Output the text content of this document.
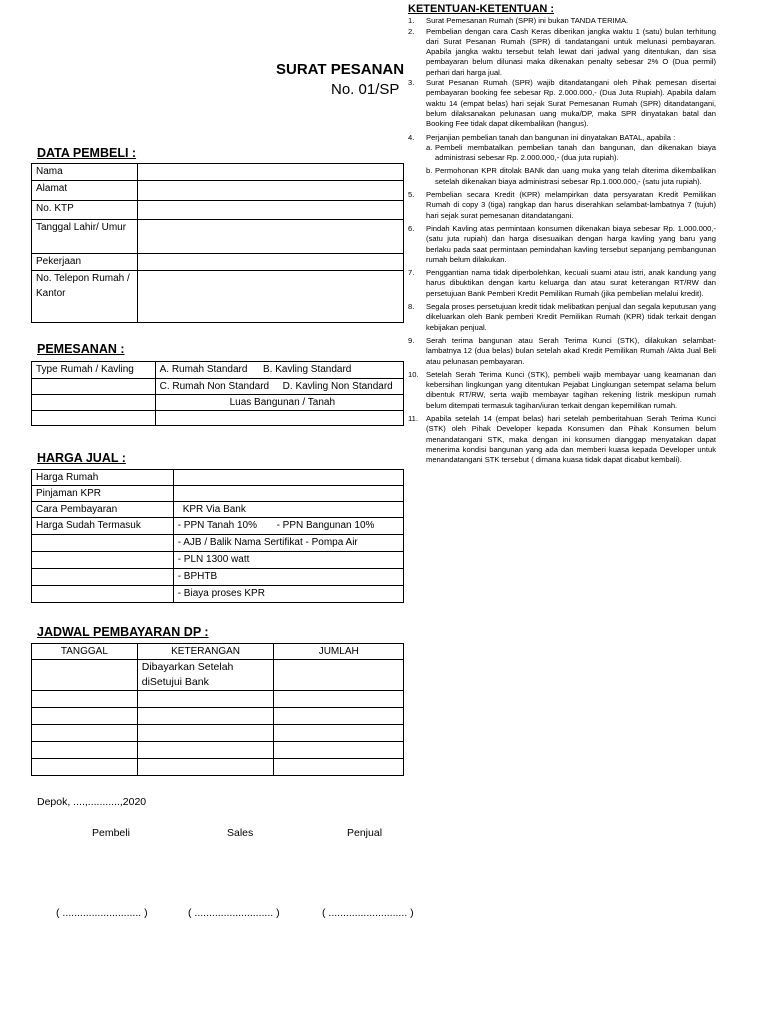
SURAT PESANAN
No. 01/SP
DATA PEMBELI :
Nama	
Alamat	
No. KTP	
Tanggal Lahir/ Umur	
Pekerjaan	
No. Telepon Rumah / Kantor	
PEMESANAN :
Type Rumah / Kavling	A. Rumah Standard B. Kavling Standard
	C. Rumah Non Standard D. Kavling Non Standard
	Luas Bangunan / Tanah

HARGA JUAL :
Harga Rumah	
Pinjaman KPR	
Cara Pembayaran	KPR Via Bank
Harga Sudah Termasuk	- PPN Tanah 10% - PPN Bangunan 10%
	- AJB / Balik Nama Sertifikat - Pompa Air
	- PLN 1300 watt
	- BPHTB
	- Biaya proses KPR
JADWAL PEMBAYARAN DP :
TANGGAL	KETERANGAN	JUMLAH

	Dibayarkan Setelah
diSetujui Bank	

Depok, ....,...........,2020
Pembeli	Sales	Penjual
( ........................... )	( ........................... )	( ........................... )
KETENTUAN-KETENTUAN :
1.	Surat Pemesanan Rumah (SPR) ini bukan TANDA TERIMA.
2.	Pembelian dengan cara Cash Keras diberikan jangka waktu 1 (satu) bulan terhitung dari Surat Pesanan Rumah (SPR) di tandatangani untuk melunasi pembayaran. Apabila jangka waktu tersebut telah lewat dari jadwal yang ditentukan, dan sisa pembayaran belum dilunasi maka dikenakan penalty sebesar 2% O (Dua permil) perhari dari harga jual.
3.	Surat Pesanan Rumah (SPR) wajib ditandatangani oleh Pihak pemesan disertai pembayaran booking fee sebesar Rp. 2.000.000,- (Dua Juta Rupiah). Apabila dalam waktu 14 (empat belas) hari sejak Surat Pemesanan Rumah (SPR) ditandatangani, belum dilaksanakan pelunasan uang muka/DP, maka SPR dinyatakan batal dan Booking Fee tidak dapat dikembalikan (hangus).
4.	Perjanjian pembelian tanah dan bangunan ini dinyatakan BATAL, apabila :
a. Pembeli membatalkan pembelian tanah dan bangunan, dan dikenakan biaya administrasi sebesar Rp. 2.000.000,- (dua juta rupiah).
b. Permohonan KPR ditolak BANk dan uang muka yang telah diterima dikembalikan setelah dikenakan biaya administrasi sebesar Rp.1.000.000,- (satu juta rupiah).
5.	Pembelian secara Kredit (KPR) melampirkan data persyaratan Kredit Pemilikan Rumah di copy 3 (tiga) rangkap dan harus diserahkan selambat-lambatnya 7 (tujuh) hari sejak surat pemesanan ditandatangani.
6.	Pindah Kavling atas permintaan konsumen dikenakan biaya sebesar Rp. 1.000.000,- (satu juta rupiah) dan harga disesuaikan dengan harga kavling yang baru yang berlaku pada saat permintaan pemindahan kavling tersebut sepanjang pembangunan rumah belum dilakukan.
7.	Penggantian nama tidak diperbolehkan, kecuali suami atau istri, anak kandung yang harus dibuktikan dengan kartu keluarga dan atau surat keterangan RT/RW dan persetujuan Bank Pemberi Kredit Pemilikan Rumah (jika pembelian melalui kredit).
8.	Segala proses persetujuan kredit tidak melibatkan penjual dan segala keputusan yang dikeluarkan oleh Bank pemberi Kredit Pemilikan Rumah (KPR) tidak terkait dengan kebijakan penjual.
9.	Serah terima bangunan atau Serah Terima Kunci (STK), dilakukan selambat-lambatnya 12 (dua belas) bulan setelah akad Kredit Pemilikan Rumah /Akta Jual Beli atau pelunasan pembayaran.
10. Setelah Serah Terima Kunci (STK), pembeli wajib membayar uang keamanan dan kebersihan lingkungan yang ditentukan Pejabat Lingkungan setempat selama belum dibentuk RT/RW, serta wajib membayar tagihan rekening listrik meskipun rumah belum ditempati termasuk tagihan/iuran terkait dengan kepemilikan rumah.
11.	Apabila setelah 14 (empat belas) hari setelah pemberitahuan Serah Terima Kunci (STK) oleh Pihak Developer kepada Konsumen dan Pihak Konsumen belum menandatangani STK, maka dengan ini konsumen dianggap menyatakan dapat menerima kondisi bangunan yang ada dan memberi kuasa kepada Developer untuk menandatangani STK tersebut ( dimana kuasa tidak dapat dicabut kembali).
